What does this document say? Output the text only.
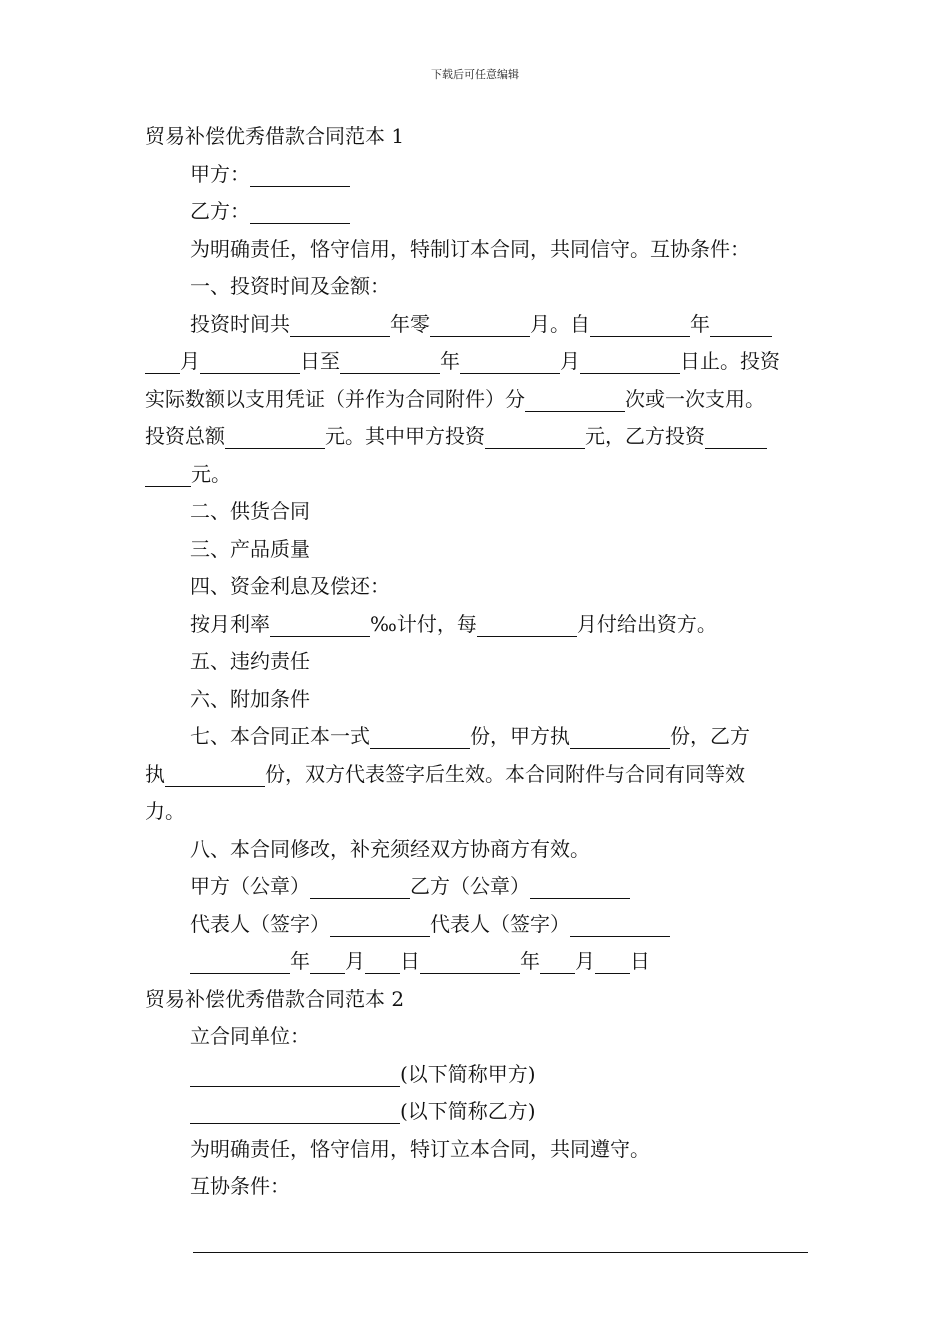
下载后可任意编辑
贸易补偿优秀借款合同范本 1
甲方：
乙方：
为明确责任，恪守信用，特制订本合同，共同信守。互协条件：
一、投资时间及金额：
投资时间共	年零	月。自	年
月	日至	年	月	日止。投资
实际数额以支用凭证（并作为合同附件）分	次或一次支用。
投资总额	元。其中甲方投资	元，乙方投资
元。
二、供货合同
三、产品质量
四、资金利息及偿还：
按月利率	‰计付，每	月付给出资方。
五、违约责任
六、附加条件
七、本合同正本一式	份，甲方执	份，乙方
执	份，双方代表签字后生效。本合同附件与合同有同等效
力。
八、本合同修改，补充须经双方协商方有效。
甲方（公章）	乙方（公章）
代表人（签字）	代表人（签字）
年 月 日	年 月 日
贸易补偿优秀借款合同范本 2
立合同单位：
(以下简称甲方)
(以下简称乙方)
为明确责任，恪守信用，特订立本合同，共同遵守。
互协条件：
